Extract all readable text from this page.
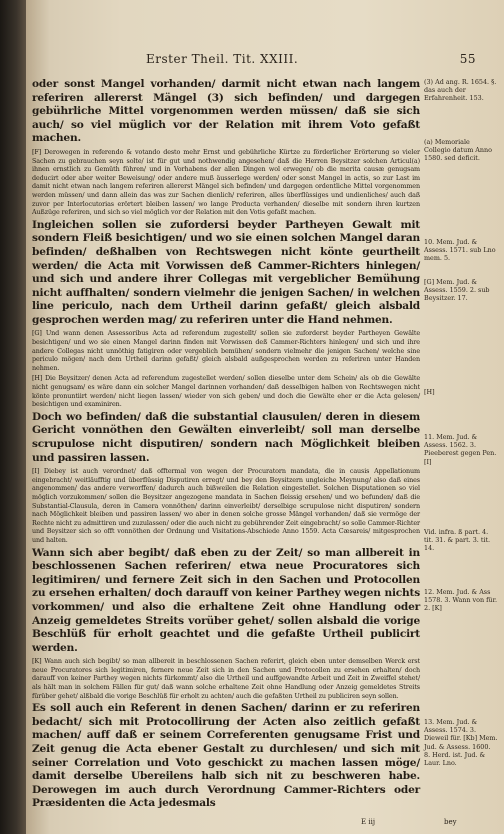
Erster Theil. Tit. XXIII.	55

oder sonst Mangel vorhanden/ darmit nicht etwan nach langem referiren allererst Mängel (3) sich befinden/ und dargegen gebührliche Mittel vorgenommen werden müssen/ daß sie sich auch/ so viel müglich vor der Relation mit ihrem Voto gefaßt machen.

[F] Derowegen in referendo & votando desto mehr Ernst und gebührliche Kürtze zu förderlicher Erörterung so vieler Sachen zu gebrauchen seyn solte/ ist für gut und nothwendig angesehen/ daß die Herren Beysitzer solchen Articul(a) ihnen ernstlich zu Gemüth führen/ und in Vorhabens der allen Dingen wol erwegen/ ob die merita causæ genugsam deducirt oder aber weiter Beweisung/ oder andere muß äusserlege werden/ oder sonst Mangel in actis, so zur Last im damit nicht etwan nach langem referiren allererst Mängel sich befinden/ und dargegen ordentliche Mittel vorgenommen werden müssen/ und dann allein das was zur Sachen dienlich/ referiren, alles überflüssiges und undienliches/ auch daß zuvor per Interlocutorias erörtert bleiben lassen/ wo lange Producta verhanden/ dieselbe mit sondern ihren kurtzen Außzüge referiren, und sich so viel möglich vor der Relation mit den Votis gefaßt machen.

Ingleichen sollen sie zufordersi beyder Partheyen Gewalt mit sondern Fleiß besichtigen/ und wo sie einen solchen Mangel daran befinden/ deßhalben von Rechtswegen nicht könte geurtheilt werden/ die Acta mit Vorwissen deß Cammer-Richters hinlegen/ und sich und andere ihrer Collegas mit vergeblicher Bemühung nicht auffhalten/ sondern vielmehr die jenigen Sachen/ in welchen line periculo, nach dem Urtheil darinn gefaßt/ gleich alsbald gesprochen werden mag/ zu referiren unter die Hand nehmen.

[G] Und wann denen Assessoribus Acta ad referendum zugestellt/ sollen sie zuforderst beyder Partheyen Gewälte besichtigen/ und wo sie einen Mangel darinn finden mit Vorwissen deß Cammer-Richters hinlegen/ und sich und ihre andere Collegas nicht unnöthig fatigiren oder vergeblich bemühen/ sondern vielmehr die jenigen Sachen/ welche sine periculo mögen/ nach dem Urtheil darinn gefaßt/ gleich alsbald außgesprochen werden zu referiren unter Handen nehmen.

[H] Die Beysitzer/ denen Acta ad referendum zugestellet werden/ sollen dieselbe unter dem Schein/ als ob die Gewälte nicht genugsam/ es wäre dann ein solcher Mangel darinnen vorhanden/ daß desselbigen halben von Rechtswegen nicht könte pronuntiirt werden/ nicht liegen lassen/ wieder von sich geben/ und doch die Gewälte eher er die Acta gelesen/ besichtigen und examiniren.

Doch wo befinden/ daß die substantial clausulen/ deren in diesem Gericht vonnöthen den Gewälten einverleibt/ soll man derselbe scrupulose nicht disputiren/ sondern nach Möglichkeit bleiben und passiren lassen.

[I] Diebey ist auch verordnet/ daß offtermal von wegen der Procuratorn mandata, die in causis Appellationum eingebracht/ weitläufftig und überflüssig Disputiren erregt/ und bey den Beysitzern ungleiche Meynung/ also daß eines angenommen/ das andere verworffen/ dadurch auch bißweilen die Relation eingestellet. Solchen Disputationen so viel möglich vorzukommen/ sollen die Beysitzer angezogene mandata in Sachen fleissig ersehen/ und wo befunden/ daß die Substantial-Clausula, deren in Camera vonnöthen/ darinn einverleibt/ derselbige scrupulose nicht disputiren/ sondern nach Möglichkeit bleiben und passiren lassen/ wo aber in denen solche grosse Mängel vorhanden/ daß sie vermöge der Rechte nicht zu admittiren und zuzulassen/ oder die auch nicht zu gebührender Zeit eingebracht/ so solle Cammer-Richter und Beysitzer sich so offt vonnöthen der Ordnung und Visitations-Abschiede Anno 1559. Acta Cæsareis/ mitgesprochen und halten.

Wann sich aber begibt/ daß eben zu der Zeit/ so man allbereit in beschlossenen Sachen referiren/ etwa neue Procuratores sich legitimiren/ und fernere Zeit sich in den Sachen und Protocollen zu ersehen erhalten/ doch darauff von keiner Parthey wegen nichts vorkommen/ und also die erhaltene Zeit ohne Handlung oder Anzeig gemeldetes Streits vorüber gehet/ sollen alsbald die vorige Beschlüß für erholt geachtet und die gefaßte Urtheil publicirt werden.

[K] Wann auch sich begibt/ so man allbereit in beschlossenen Sachen referirt, gleich eben unter demselben Werck erst neue Procuratores sich legitimiren, fernere neue Zeit sich in den Sachen und Protocollen zu ersehen erhalten/ doch darauff von keiner Parthey wegen nichts fürkommt/ also die Urtheil und auffgewandte Arbeit und Zeit in Zweiffel stehet/ als hält man in solchem Fällen für gut/ daß wann solche erhaltene Zeit ohne Handlung oder Anzeig gemeldetes Streits fürüber gehet/ alßbald die vorige Beschlüß für erholt zu achten/ auch die gefaßten Urtheil zu publiciren seyn sollen.

Es soll auch ein Referent in denen Sachen/ darinn er zu referiren bedacht/ sich mit Protocollirung der Acten also zeitlich gefaßt machen/ auff daß er seinem Correferenten genugsame Frist und Zeit genug die Acta ebener Gestalt zu durchlesen/ und sich mit seiner Correlation und Voto geschickt zu machen lassen möge/ damit derselbe Ubereilens halb sich nit zu beschweren habe. Derowegen im auch durch Verordnung Cammer-Richters oder Præsidenten die Acta jedesmals

(3) Ad ang. R. 1654. §. das auch der Erfahrenheit. 153.
(a) Memoriale Collegio datum Anno 1580. sed deficit.
10. Mem. Jud. & Assess. 1571. sub Lno mem. 5.
[G] Mem. Jud. & Assess. 1559. 2. sub Beysitzer. 17.
[H]
11. Mem. Jud. & Assess. 1562. 3. Pieeberest gegen Pen. [I]
Vid. infra. ß part. 4. tit. 31. & part. 3. tit. 14.
12. Mem. Jud. & Ass 1578. 3. Wann von für. 2. [K]
13. Mem. Jud. & Assess. 1574. 3. Dieweil für. [Kb] Mem. Jud. & Assess. 1600. 8. Herd. ist. Jud. & Laur. Lno.
E iij	bey
